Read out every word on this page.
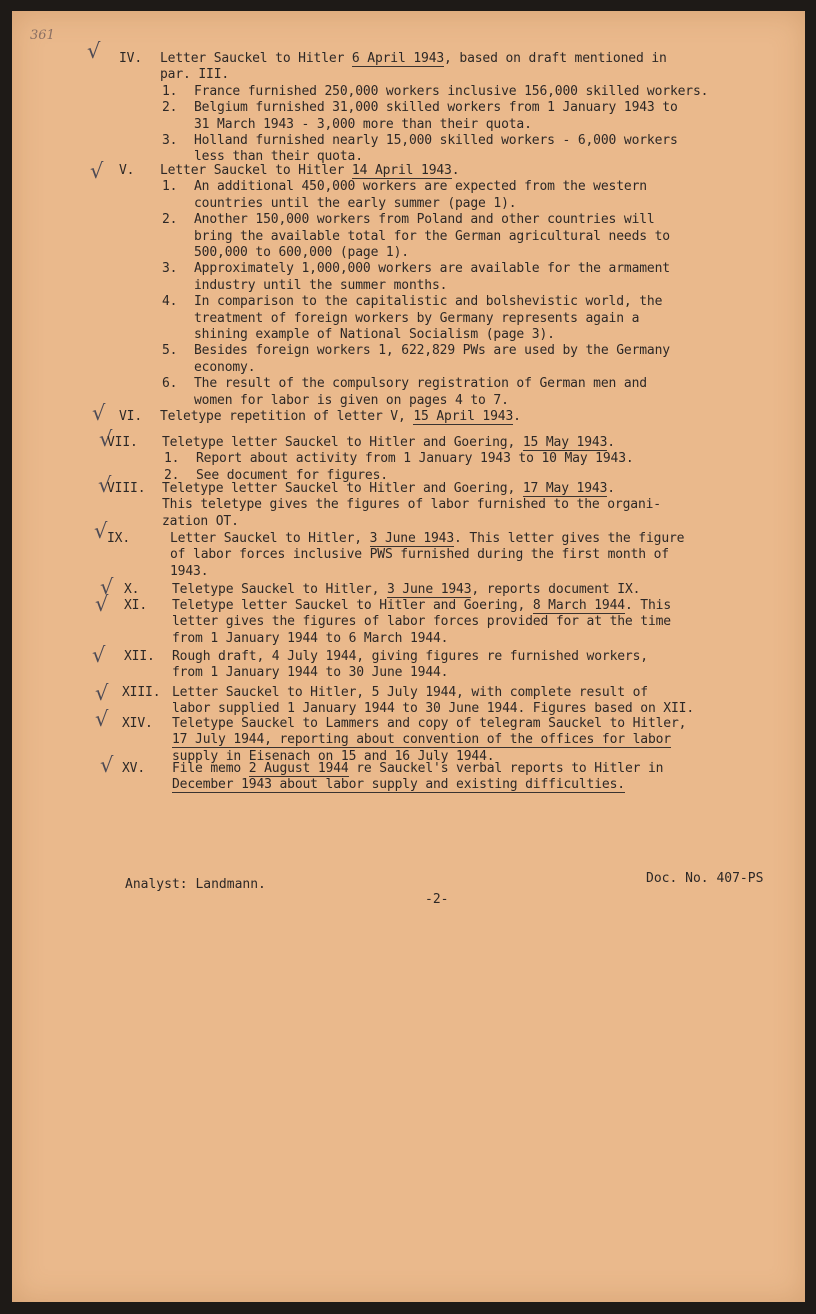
361
√ IV. Letter Sauckel to Hitler 6 April 1943, based on draft mentioned in
par. III.
1. France furnished 250,000 workers inclusive 156,000 skilled workers.
2. Belgium furnished 31,000 skilled workers from 1 January 1943 to
31 March 1943 - 3,000 more than their quota.
3. Holland furnished nearly 15,000 skilled workers - 6,000 workers
less than their quota.
√ V. Letter Sauckel to Hitler 14 April 1943.
1. An additional 450,000 workers are expected from the western
countries until the early summer (page 1).
2. Another 150,000 workers from Poland and other countries will
bring the available total for the German agricultural needs to
500,000 to 600,000 (page 1).
3. Approximately 1,000,000 workers are available for the armament
industry until the summer months.
4. In comparison to the capitalistic and bolshevistic world, the
treatment of foreign workers by Germany represents again a
shining example of National Socialism (page 3).
5. Besides foreign workers 1, 622,829 PWs are used by the Germany
economy.
6. The result of the compulsory registration of German men and
women for labor is given on pages 4 to 7.
√ VI. Teletype repetition of letter V, 15 April 1943.
√
VII. Teletype letter Sauckel to Hitler and Goering, 15 May 1943.
1. Report about activity from 1 January 1943 to 10 May 1943.
2. See document for figures.
√
VIII. Teletype letter Sauckel to Hitler and Goering, 17 May 1943.
This teletype gives the figures of labor furnished to the organi-
zation OT.
√ IX.	Letter Sauckel to Hitler, 3 June 1943. This letter gives the figure
of labor forces inclusive PWS furnished during the first month of
1943.
√ X.	Teletype Sauckel to Hitler, 3 June 1943, reports document IX.
√ XI. Teletype letter Sauckel to Hitler and Goering, 8 March 1944. This
letter gives the figures of labor forces provided for at the time
from 1 January 1944 to 6 March 1944.
√ XII. Rough draft, 4 July 1944, giving figures re furnished workers,
from 1 January 1944 to 30 June 1944.
√ XIII. Letter Sauckel to Hitler, 5 July 1944, with complete result of
labor supplied 1 January 1944 to 30 June 1944. Figures based on XII.
√ XIV. Teletype Sauckel to Lammers and copy of telegram Sauckel to Hitler,
17 July 1944, reporting about convention of the offices for labor
supply in Eisenach on 15 and 16 July 1944.
√ XV. File memo 2 August 1944 re Sauckel's verbal reports to Hitler in
December 1943 about labor supply and existing difficulties.
Analyst: Landmann.
-2-
Doc. No. 407-PS
